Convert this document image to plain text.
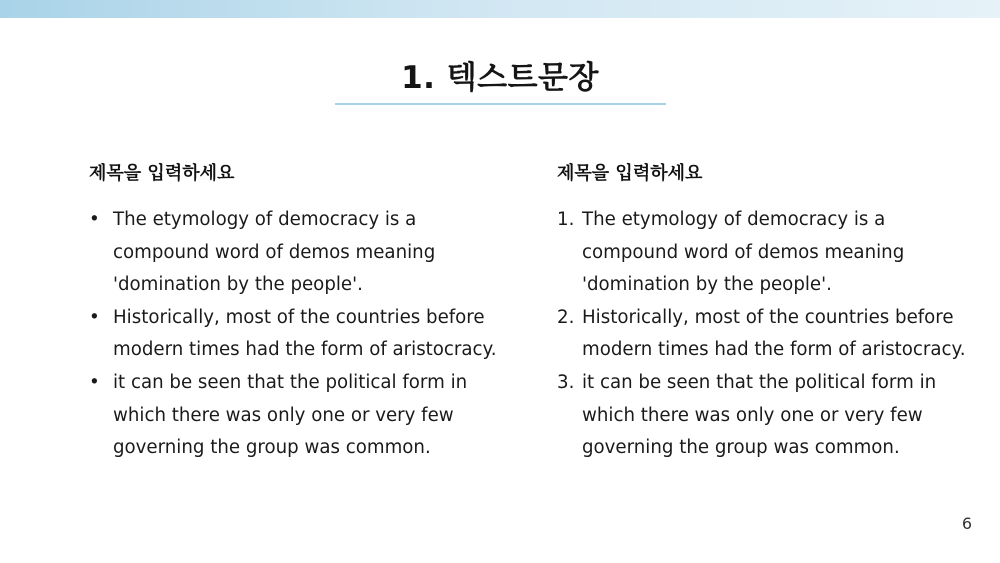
1. 텍스트문장
제목을 입력하세요
• The etymology of democracy is a compound word of demos meaning 'domination by the people'.
• Historically, most of the countries before modern times had the form of aristocracy.
• it can be seen that the political form in which there was only one or very few governing the group was common.
제목을 입력하세요
1. The etymology of democracy is a compound word of demos meaning 'domination by the people'.
2. Historically, most of the countries before modern times had the form of aristocracy.
3. it can be seen that the political form in which there was only one or very few governing the group was common.
6
